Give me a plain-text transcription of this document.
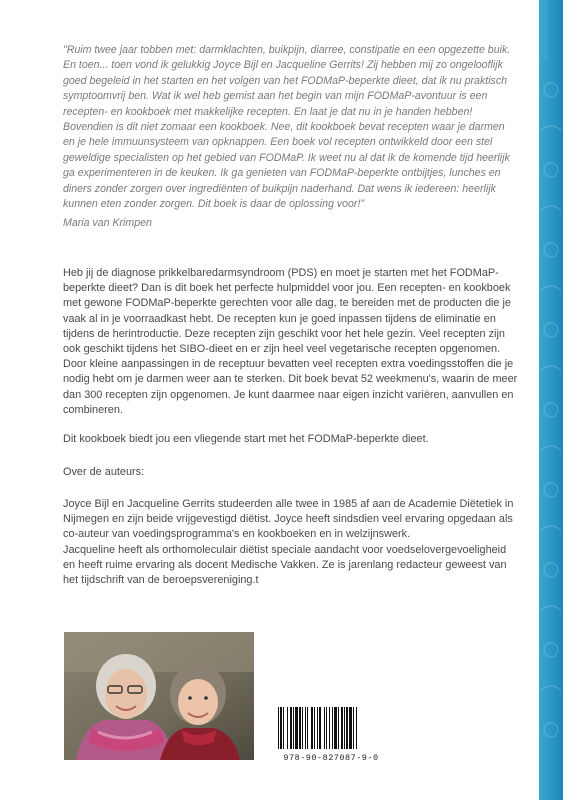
"Ruim twee jaar tobben met: darmklachten, buikpijn, diarree, constipatie en een opgezette buik. En toen... toen vond ik gelukkig Joyce Bijl en Jacqueline Gerrits! Zij hebben mij zo ongelooflijk goed begeleid in het starten en het volgen van het FODMaP-beperkte dieet, dat ik nu praktisch symptoomvrij ben. Wat ik wel heb gemist aan het begin van mijn FODMaP-avontuur is een recepten- en kookboek met makkelijke recepten. En laat je dat nu in je handen hebben! Bovendien is dit niet zomaar een kookboek. Nee, dit kookboek bevat recepten waar je darmen en je hele immuunsysteem van opknappen. Een boek vol recepten ontwikkeld door een stel geweldige specialisten op het gebied van FODMaP. Ik weet nu al dat ik de komende tijd heerlijk ga experimenteren in de keuken. Ik ga genieten van FODMaP-beperkte ontbijtjes, lunches en diners zonder zorgen over ingrediënten of buikpijn naderhand. Dat wens ik iedereen: heerlijk kunnen eten zonder zorgen. Dit boek is daar de oplossing voor!"

Maria van Krimpen

Heb jij de diagnose prikkelbaredarmsyndroom (PDS) en moet je starten met het FODMaP-beperkte dieet? Dan is dit boek het perfecte hulpmiddel voor jou. Een recepten- en kookboek met gewone FODMaP-beperkte gerechten voor alle dag, te bereiden met de producten die je vaak al in je voorraadkast hebt. De recepten kun je goed inpassen tijdens de eliminatie en tijdens de herintroductie. Deze recepten zijn geschikt voor het hele gezin. Veel recepten zijn ook geschikt tijdens het SIBO-dieet en er zijn heel veel vegetarische recepten opgenomen. Door kleine aanpassingen in de receptuur bevatten veel recepten extra voedingsstoffen die je nodig hebt om je darmen weer aan te sterken. Dit boek bevat 52 weekmenu's, waarin de meer dan 300 recepten zijn opgenomen. Je kunt daarmee naar eigen inzicht variëren, aanvullen en combineren.

Dit kookboek biedt jou een vliegende start met het FODMaP-beperkte dieet.

Over de auteurs:

Joyce Bijl en Jacqueline Gerrits studeerden alle twee in 1985 af aan de Academie Diëtetiek in Nijmegen en zijn beide vrijgevestigd diëtist. Joyce heeft sindsdien veel ervaring opgedaan als co-auteur van voedingsprogramma's en kookboeken en in welzijnswerk.

Jacqueline heeft als orthomoleculair diëtist speciale aandacht voor voedselovergevoeligheid en heeft ruime ervaring als docent Medische Vakken. Ze is jarenlang redacteur geweest van het tijdschrift van de beroepsvereniging.t

978-90-827087-9-0
